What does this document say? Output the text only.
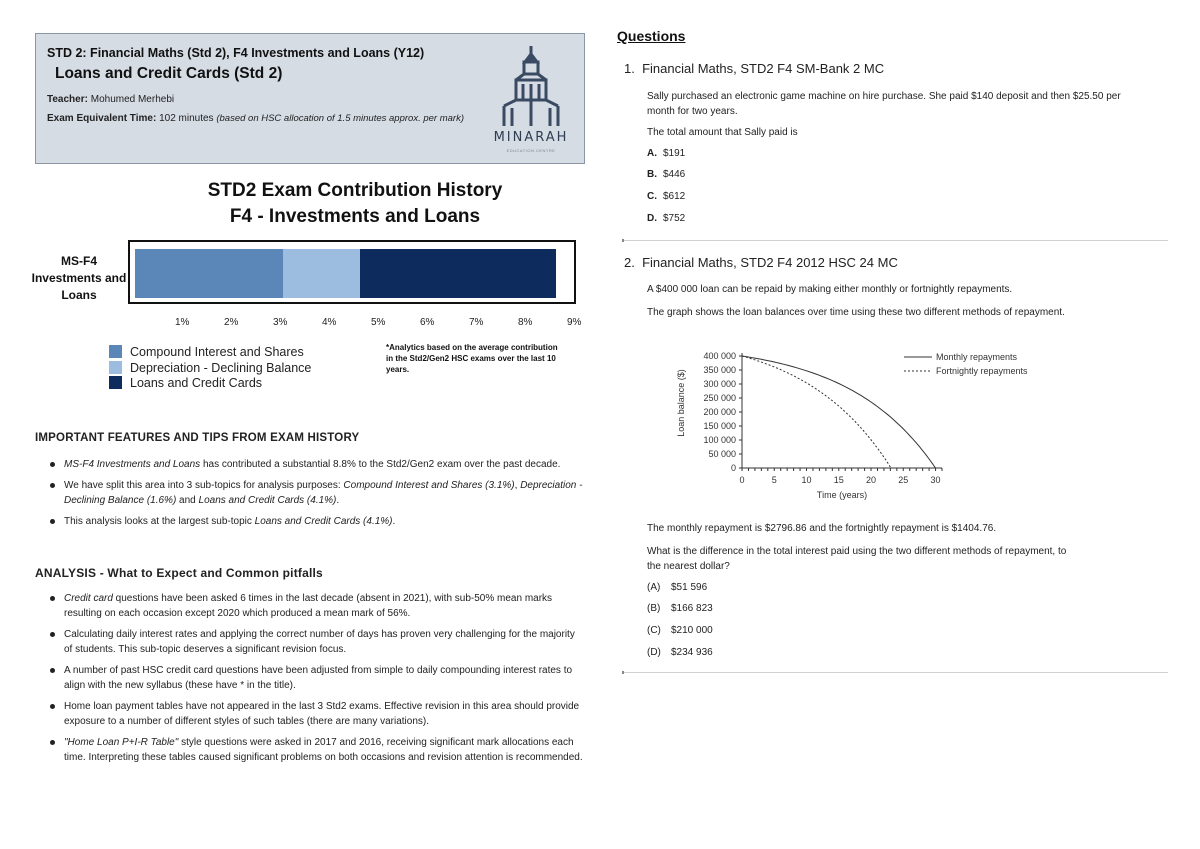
STD 2: Financial Maths (Std 2), F4 Investments and Loans (Y12)
Loans and Credit Cards (Std 2)
Teacher: Mohumed Merhebi
Exam Equivalent Time: 102 minutes (based on HSC allocation of 1.5 minutes approx. per mark)
MINARAH
EDUCATION CENTRE
STD2 Exam Contribution History
F4 - Investments and Loans
MS-F4 Investments and Loans
1%	2%	3%	4%	5%	6%	7%	8%	9%
Compound Interest and Shares
Depreciation - Declining Balance
Loans and Credit Cards
*Analytics based on the average contribution in the Std2/Gen2 HSC exams over the last 10 years.
IMPORTANT FEATURES AND TIPS FROM EXAM HISTORY
MS-F4 Investments and Loans has contributed a substantial 8.8% to the Std2/Gen2 exam over the past decade.
We have split this area into 3 sub-topics for analysis purposes: Compound Interest and Shares (3.1%), Depreciation - Declining Balance (1.6%) and Loans and Credit Cards (4.1%).
This analysis looks at the largest sub-topic Loans and Credit Cards (4.1%).
ANALYSIS - What to Expect and Common pitfalls
Credit card questions have been asked 6 times in the last decade (absent in 2021), with sub-50% mean marks resulting on each occasion except 2020 which produced a mean mark of 56%.
Calculating daily interest rates and applying the correct number of days has proven very challenging for the majority of students. This sub-topic deserves a significant revision focus.
A number of past HSC credit card questions have been adjusted from simple to daily compounding interest rates to align with the new syllabus (these have * in the title).
Home loan payment tables have not appeared in the last 3 Std2 exams. Effective revision in this area should provide exposure to a number of different styles of such tables (there are many variations).
"Home Loan P+I-R Table" style questions were asked in 2017 and 2016, receiving significant mark allocations each time. Interpreting these tables caused significant problems on both occasions and revision attention is recommended.
Questions
1. Financial Maths, STD2 F4 SM-Bank 2 MC
Sally purchased an electronic game machine on hire purchase. She paid $140 deposit and then $25.50 per month for two years.
The total amount that Sally paid is
A. $191
B. $446
C. $612
D. $752
2. Financial Maths, STD2 F4 2012 HSC 24 MC
A $400 000 loan can be repaid by making either monthly or fortnightly repayments.
The graph shows the loan balances over time using these two different methods of repayment.
Loan balance ($)
400 000
350 000
300 000
250 000
200 000
150 000
100 000
50 000
0
0	5	10 15 20 25 30
Monthly repayments
Fortnightly repayments
Time (years)
The monthly repayment is $2796.86 and the fortnightly repayment is $1404.76.
What is the difference in the total interest paid using the two different methods of repayment, to the nearest dollar?
(A) $51 596
(B) $166 823
(C) $210 000
(D) $234 936
